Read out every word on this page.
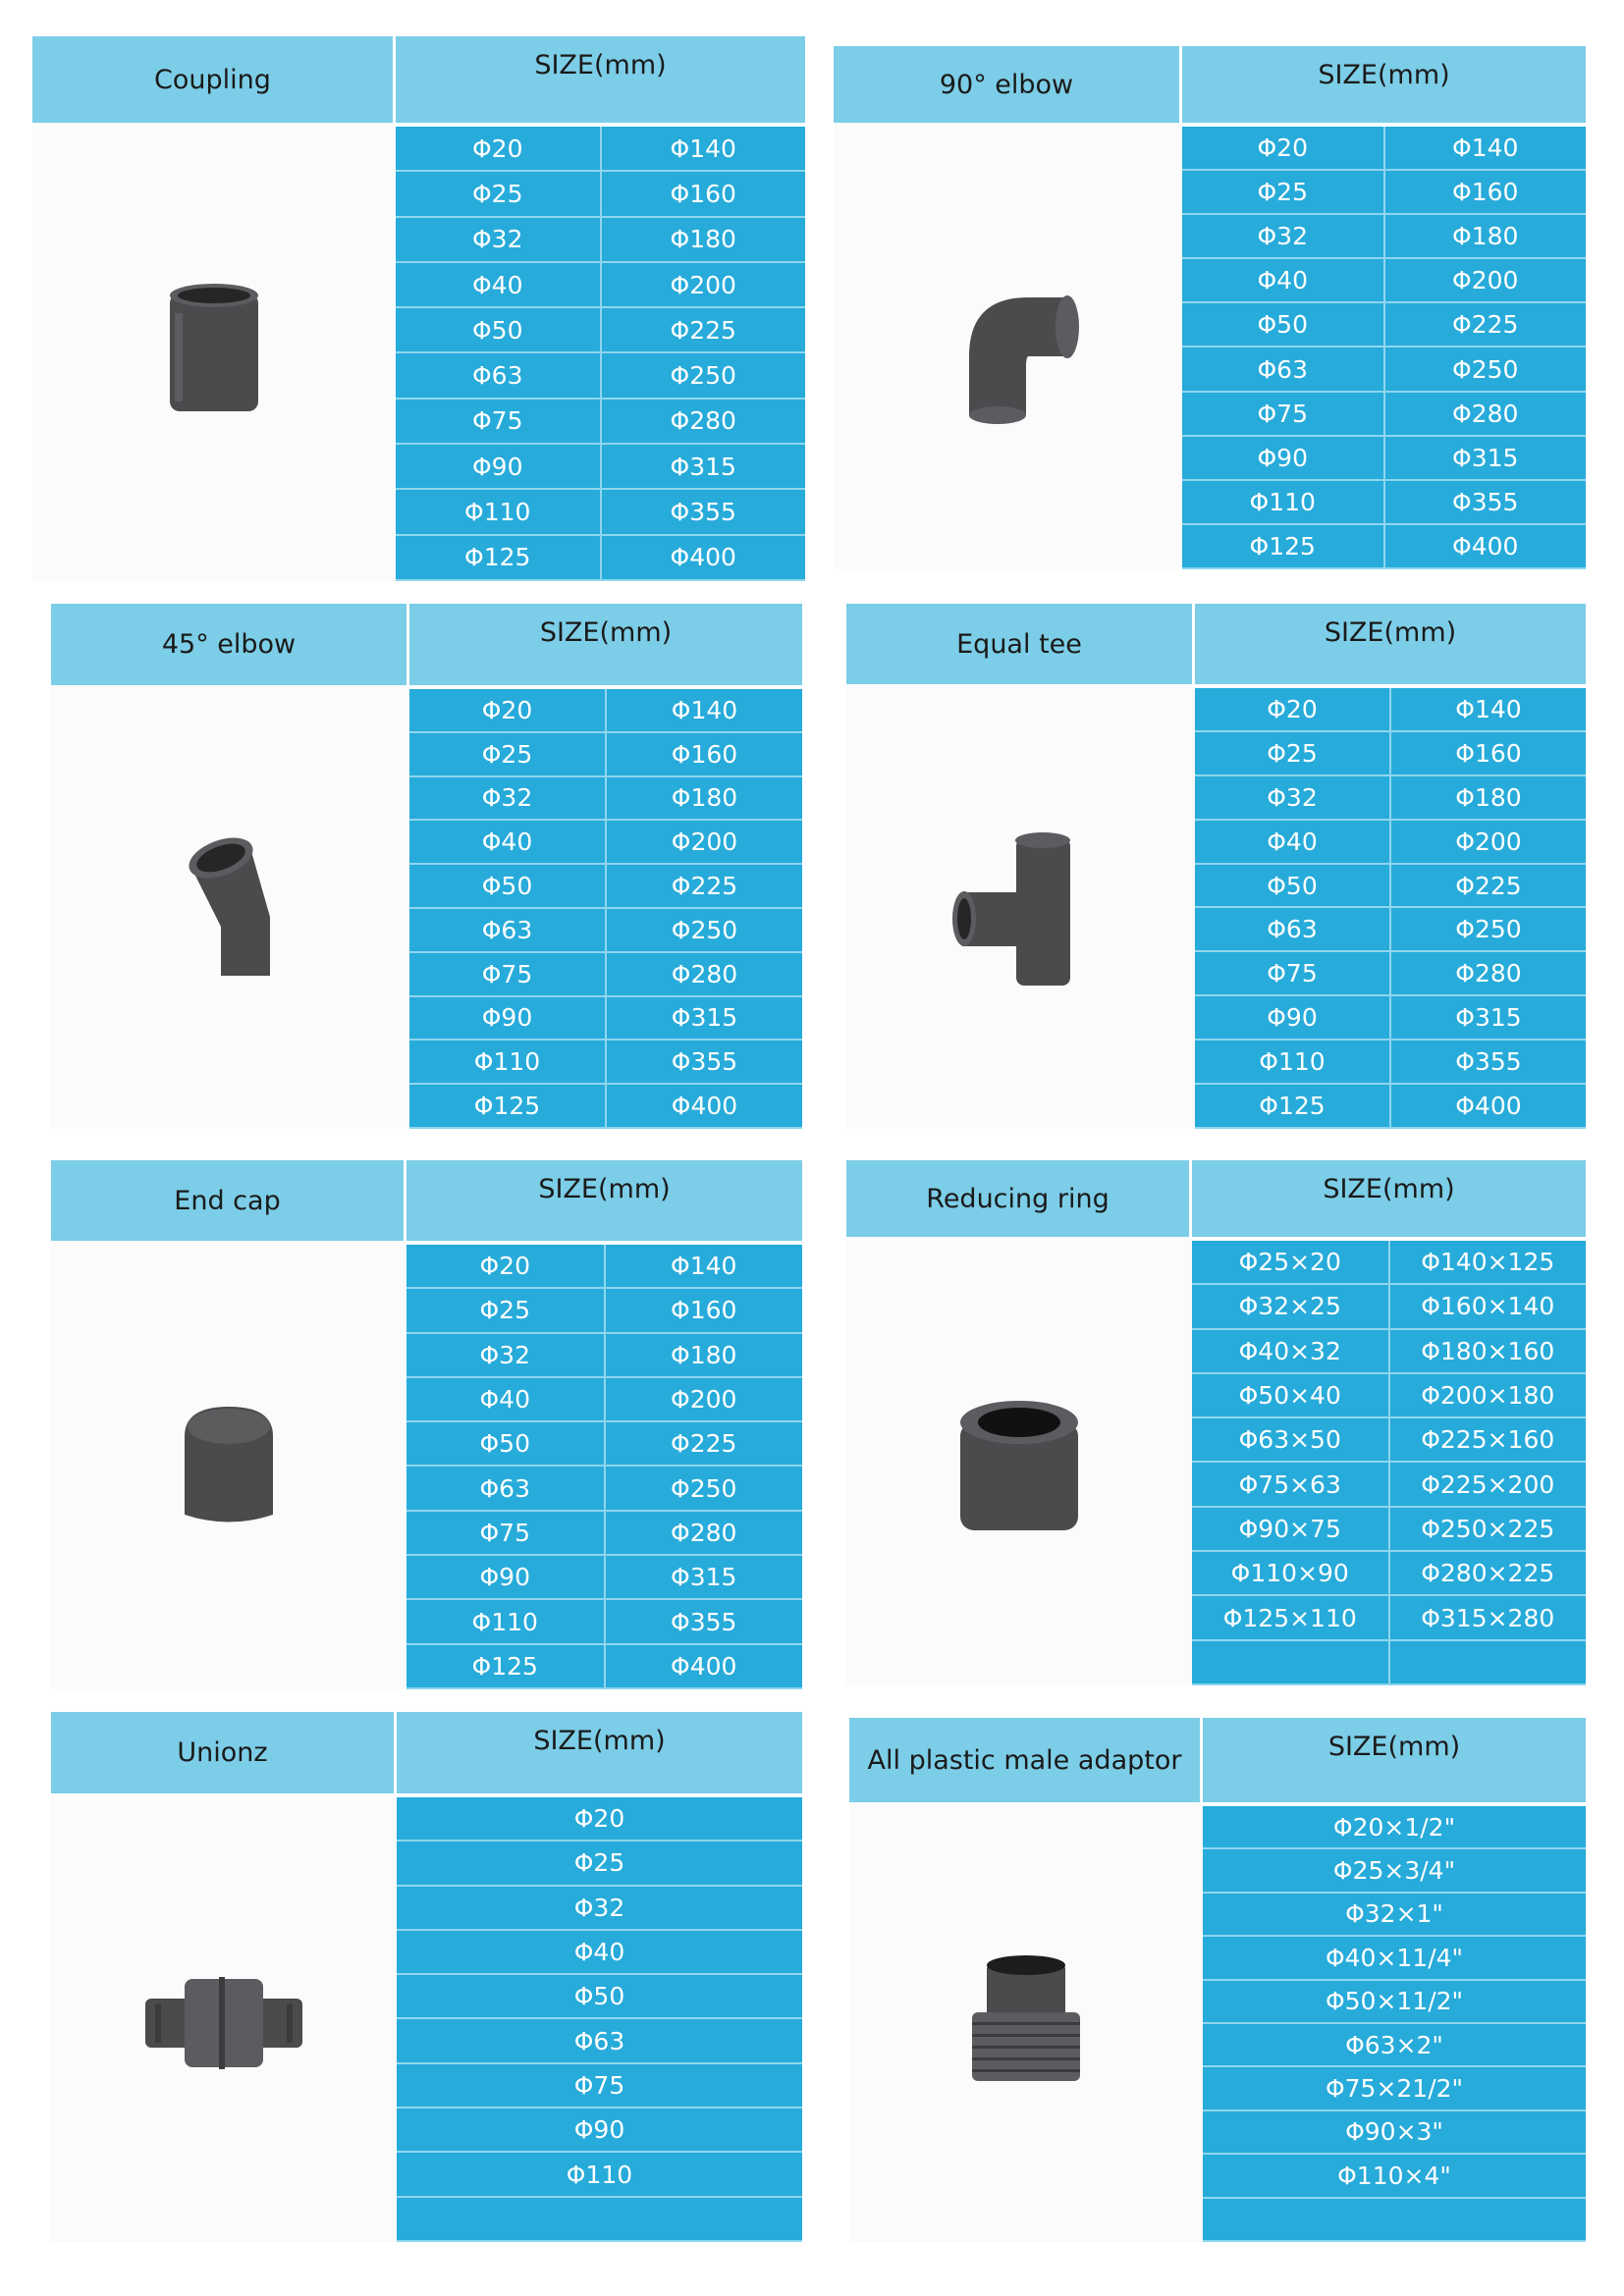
Coupling	SIZE(mm)
Φ20	Φ140
Φ25	Φ160
Φ32	Φ180
Φ40	Φ200
Φ50	Φ225
Φ63	Φ250
Φ75	Φ280
Φ90	Φ315
Φ110	Φ355
Φ125	Φ400
90° elbow	SIZE(mm)
Φ20	Φ140
Φ25	Φ160
Φ32	Φ180
Φ40	Φ200
Φ50	Φ225
Φ63	Φ250
Φ75	Φ280
Φ90	Φ315
Φ110	Φ355
Φ125	Φ400
45° elbow	SIZE(mm)
Φ20	Φ140
Φ25	Φ160
Φ32	Φ180
Φ40	Φ200
Φ50	Φ225
Φ63	Φ250
Φ75	Φ280
Φ90	Φ315
Φ110	Φ355
Φ125	Φ400
Equal tee	SIZE(mm)
Φ20	Φ140
Φ25	Φ160
Φ32	Φ180
Φ40	Φ200
Φ50	Φ225
Φ63	Φ250
Φ75	Φ280
Φ90	Φ315
Φ110	Φ355
Φ125	Φ400
End cap	SIZE(mm)
Φ20	Φ140
Φ25	Φ160
Φ32	Φ180
Φ40	Φ200
Φ50	Φ225
Φ63	Φ250
Φ75	Φ280
Φ90	Φ315
Φ110	Φ355
Φ125	Φ400
Reducing ring	SIZE(mm)
Φ25×20	Φ140×125
Φ32×25	Φ160×140
Φ40×32	Φ180×160
Φ50×40	Φ200×180
Φ63×50	Φ225×160
Φ75×63	Φ225×200
Φ90×75	Φ250×225
Φ110×90	Φ280×225
Φ125×110	Φ315×280
Unionz	SIZE(mm)
Φ20
Φ25
Φ32
Φ40
Φ50
Φ63
Φ75
Φ90
Φ110
All plastic male adaptor	SIZE(mm)
Φ20×1/2"
Φ25×3/4"
Φ32×1"
Φ40×11/4"
Φ50×11/2"
Φ63×2"
Φ75×21/2"
Φ90×3"
Φ110×4"
